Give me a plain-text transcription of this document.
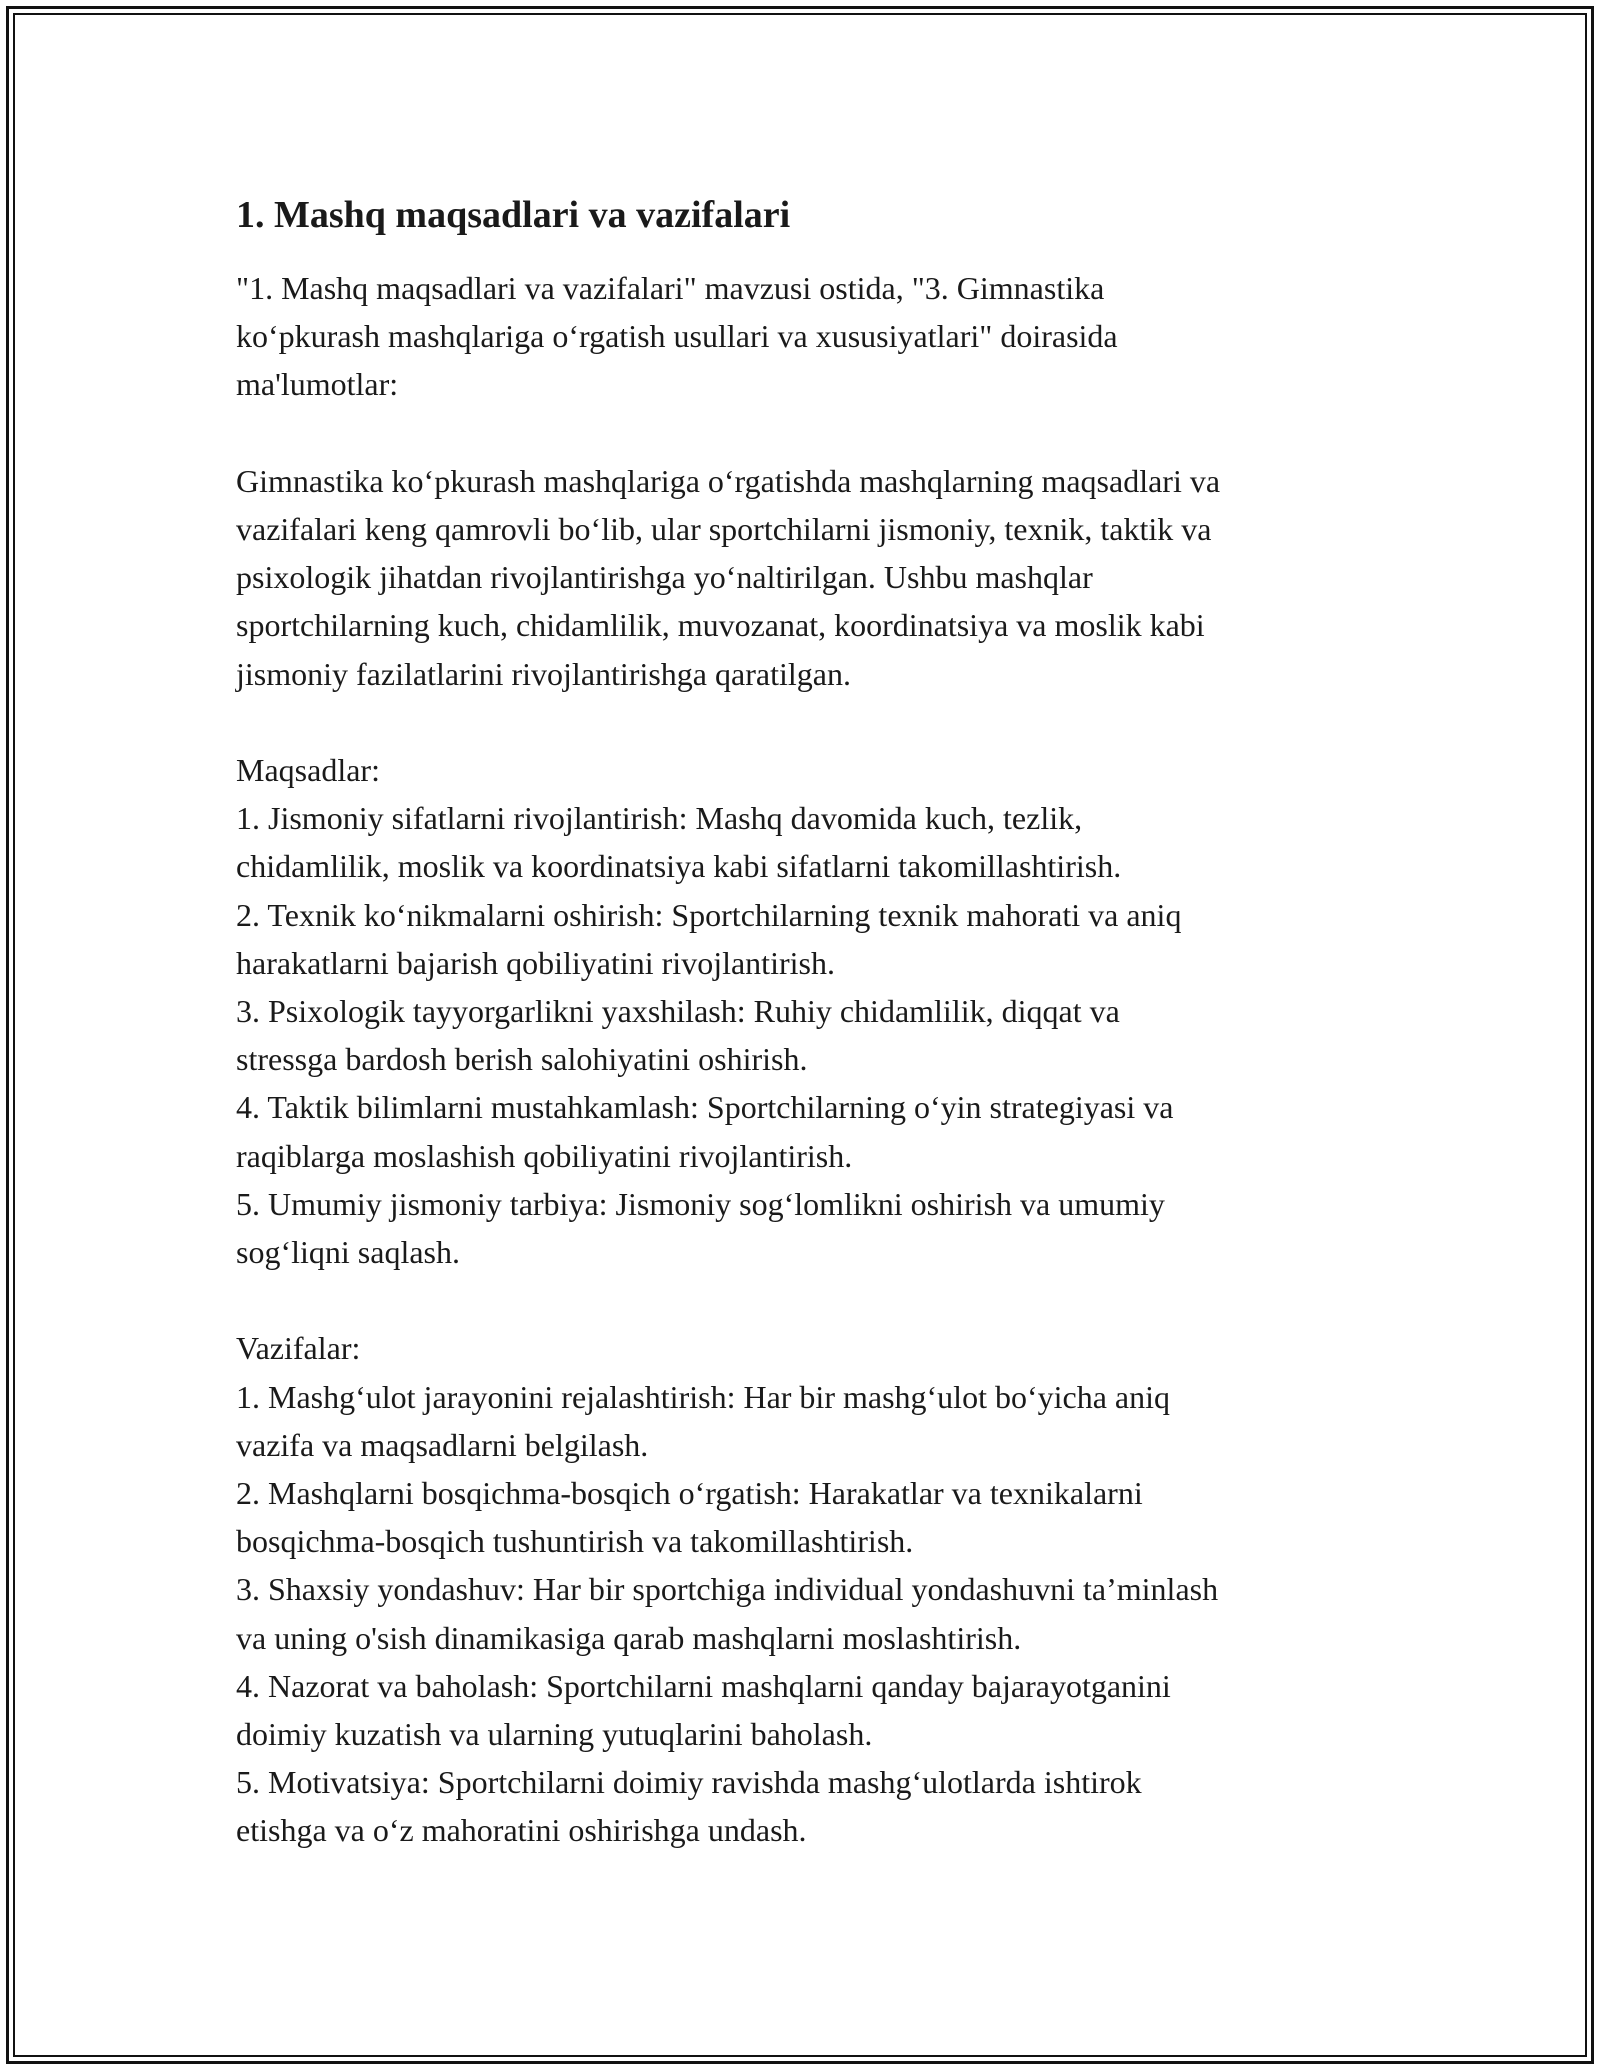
1. Mashq maqsadlari va vazifalari

"1. Mashq maqsadlari va vazifalari" mavzusi ostida, "3. Gimnastika
ko‘pkurash mashqlariga o‘rgatish usullari va xususiyatlari" doirasida
ma'lumotlar:

Gimnastika ko‘pkurash mashqlariga o‘rgatishda mashqlarning maqsadlari va
vazifalari keng qamrovli bo‘lib, ular sportchilarni jismoniy, texnik, taktik va
psixologik jihatdan rivojlantirishga yo‘naltirilgan. Ushbu mashqlar
sportchilarning kuch, chidamlilik, muvozanat, koordinatsiya va moslik kabi
jismoniy fazilatlarini rivojlantirishga qaratilgan.

Maqsadlar:

1. Jismoniy sifatlarni rivojlantirish: Mashq davomida kuch, tezlik,
chidamlilik, moslik va koordinatsiya kabi sifatlarni takomillashtirish.

2. Texnik ko‘nikmalarni oshirish: Sportchilarning texnik mahorati va aniq
harakatlarni bajarish qobiliyatini rivojlantirish.

3. Psixologik tayyorgarlikni yaxshilash: Ruhiy chidamlilik, diqqat va
stressga bardosh berish salohiyatini oshirish.

4. Taktik bilimlarni mustahkamlash: Sportchilarning o‘yin strategiyasi va
raqiblarga moslashish qobiliyatini rivojlantirish.

5. Umumiy jismoniy tarbiya: Jismoniy sog‘lomlikni oshirish va umumiy
sog‘liqni saqlash.

Vazifalar:

1. Mashg‘ulot jarayonini rejalashtirish: Har bir mashg‘ulot bo‘yicha aniq
vazifa va maqsadlarni belgilash.

2. Mashqlarni bosqichma-bosqich o‘rgatish: Harakatlar va texnikalarni
bosqichma-bosqich tushuntirish va takomillashtirish.

3. Shaxsiy yondashuv: Har bir sportchiga individual yondashuvni ta’minlash
va uning o'sish dinamikasiga qarab mashqlarni moslashtirish.

4. Nazorat va baholash: Sportchilarni mashqlarni qanday bajarayotganini
doimiy kuzatish va ularning yutuqlarini baholash.

5. Motivatsiya: Sportchilarni doimiy ravishda mashg‘ulotlarda ishtirok
etishga va o‘z mahoratini oshirishga undash.
